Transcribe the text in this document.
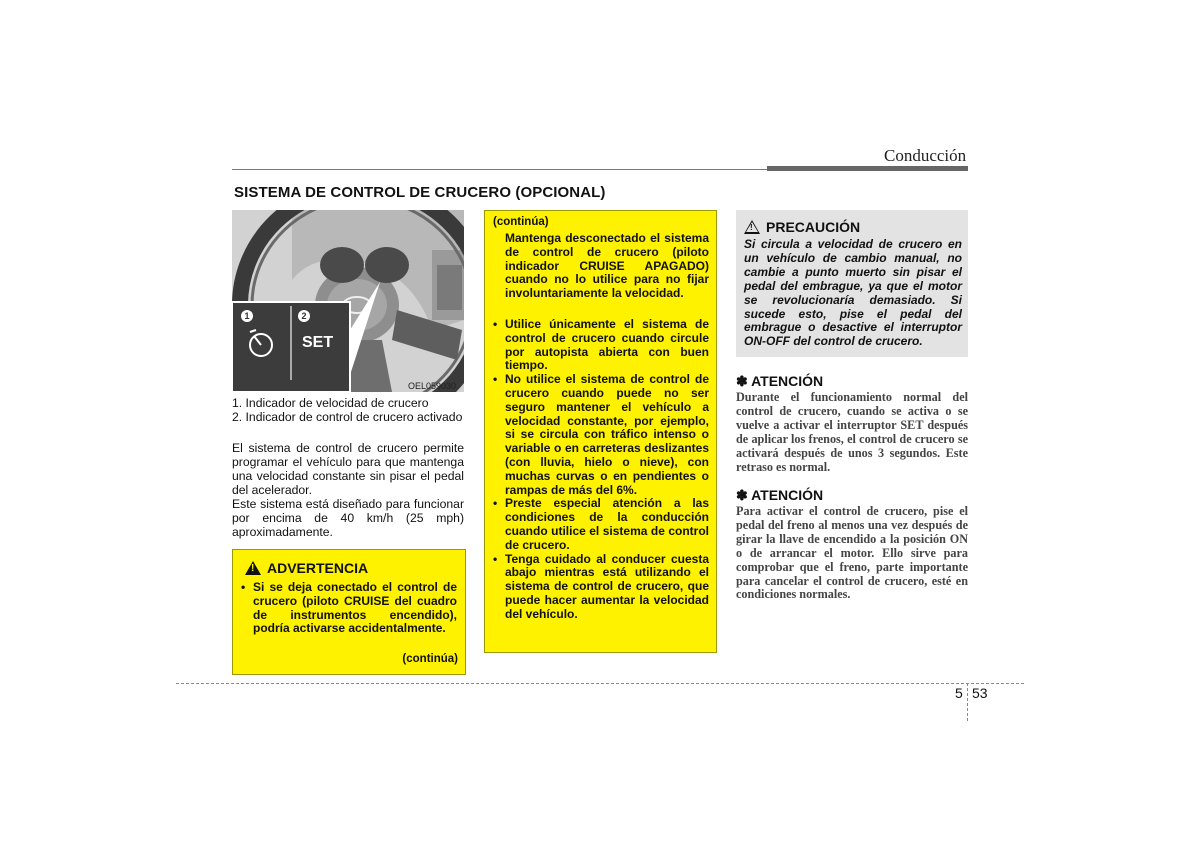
Conducción
SISTEMA DE CONTROL DE CRUCERO (OPCIONAL)
1	2
SET
OEL059030
1. Indicador de velocidad de crucero
2. Indicador de control de crucero activado

El sistema de control de crucero permite programar el vehículo para que mantenga una velocidad constante sin pisar el pedal del acelerador.

Este sistema está diseñado para funcionar por encima de 40 km/h (25 mph) aproximadamente.

!
ADVERTENCIA
• Si se deja conectado el control de crucero (piloto CRUISE del cuadro de instrumentos encendido), podría activarse accidentalmente.
(continúa)
(continúa)
Mantenga desconectado el sistema de control de crucero (piloto indicador CRUISE APAGADO) cuando no lo utilice para no fijar involuntariamente la velocidad.
• Utilice únicamente el sistema de control de crucero cuando circule por autopista abierta con buen tiempo.
• No utilice el sistema de control de crucero cuando puede no ser seguro mantener el vehículo a velocidad constante, por ejemplo, si se circula con tráfico intenso o variable o en carreteras deslizantes (con lluvia, hielo o nieve), con muchas curvas o en pendientes o rampas de más del 6%.
• Preste especial atención a las condiciones de la conducción cuando utilice el sistema de control de crucero.
• Tenga cuidado al conducer cuesta abajo mientras está utilizando el sistema de control de crucero, que puede hacer aumentar la velocidad del vehículo.
!
PRECAUCIÓN
Si circula a velocidad de crucero en un vehículo de cambio manual, no cambie a punto muerto sin pisar el pedal del embrague, ya que el motor se revolucionaría demasiado. Si sucede esto, pise el pedal del embrague o desactive el interruptor ON-OFF del control de crucero.
✽ ATENCIÓN
Durante el funcionamiento normal del control de crucero, cuando se activa o se vuelve a activar el interruptor SET después de aplicar los frenos, el control de crucero se activará después de unos 3 segundos. Este retraso es normal.
✽ ATENCIÓN
Para activar el control de crucero, pise el pedal del freno al menos una vez después de girar la llave de encendido a la posición ON o de arrancar el motor. Ello sirve para comprobar que el freno, parte importante para cancelar el control de crucero, esté en condiciones normales.
5 53
